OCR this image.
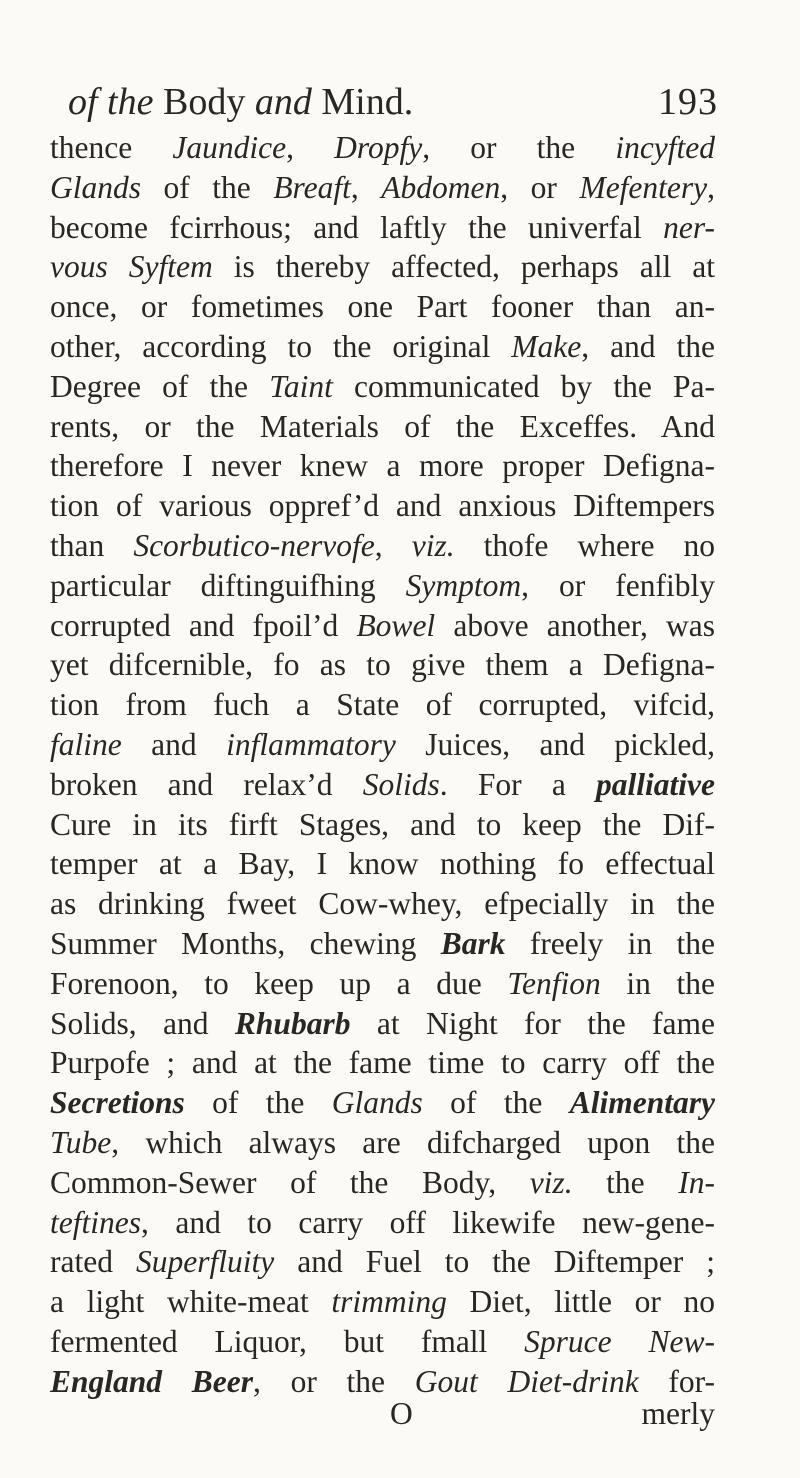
of the Body and Mind.	193
thence Jaundice, Dropfy, or the incyfted
Glands of the Breaft, Abdomen, or Mefentery,
become fcirrhous; and laftly the univerfal ner-
vous Syftem is thereby affected, perhaps all at
once, or fometimes one Part fooner than an-
other, according to the original Make, and the
Degree of the Taint communicated by the Pa-
rents, or the Materials of the Exceffes. And
therefore I never knew a more proper Defigna-
tion of various oppref’d and anxious Diftempers
than Scorbutico-nervofe, viz. thofe where no
particular diftinguifhing Symptom, or fenfibly
corrupted and fpoil’d Bowel above another, was
yet difcernible, fo as to give them a Defigna-
tion from fuch a State of corrupted, vifcid,
faline and inflammatory Juices, and pickled,
broken and relax’d Solids. For a palliative
Cure in its firft Stages, and to keep the Dif-
temper at a Bay, I know nothing fo effectual
as drinking fweet Cow-whey, efpecially in the
Summer Months, chewing Bark freely in the
Forenoon, to keep up a due Tenfion in the
Solids, and Rhubarb at Night for the fame
Purpofe ; and at the fame time to carry off the
Secretions of the Glands of the Alimentary
Tube, which always are difcharged upon the
Common-Sewer of the Body, viz. the In-
teftines, and to carry off likewife new-gene-
rated Superfluity and Fuel to the Diftemper ;
a light white-meat trimming Diet, little or no
fermented Liquor, but fmall Spruce New-
England Beer, or the Gout Diet-drink for-
O	merly
